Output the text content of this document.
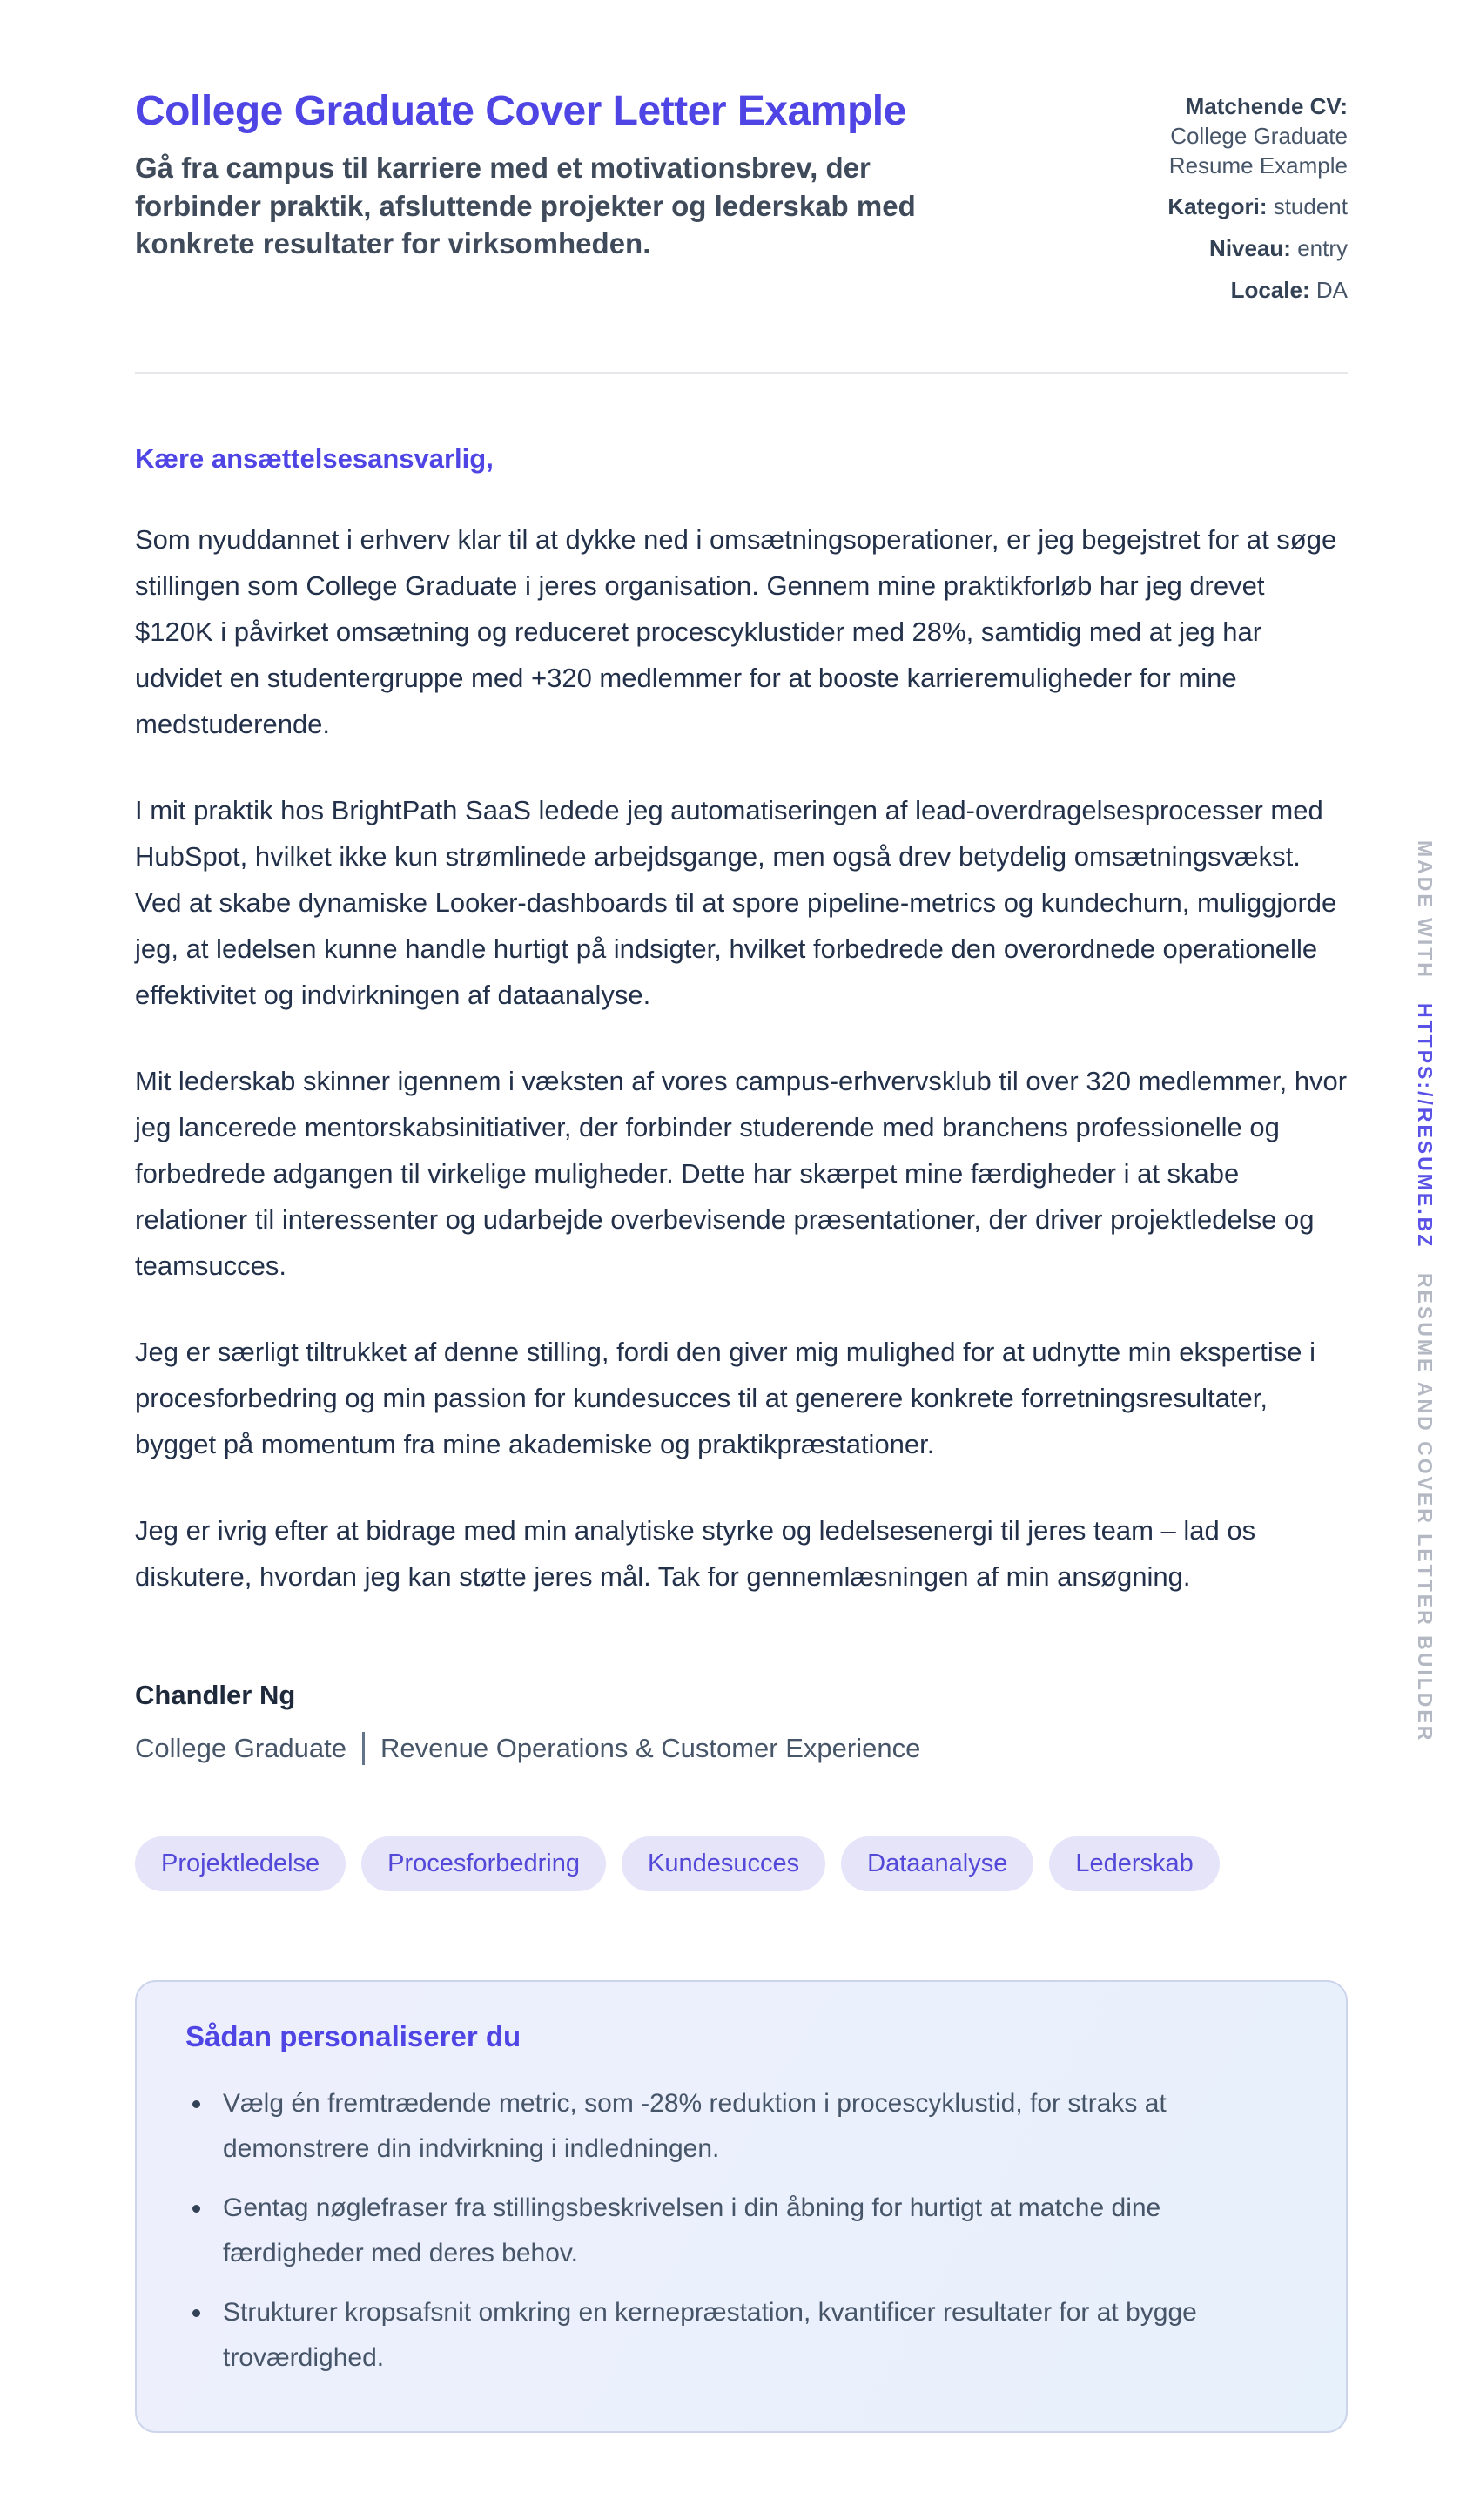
College Graduate Cover Letter Example
Gå fra campus til karriere med et motivationsbrev, der forbinder praktik, afsluttende projekter og lederskab med konkrete resultater for virksomheden.
Matchende CV:
College Graduate Resume Example
Kategori: student
Niveau: entry
Locale: DA
Kære ansættelsesansvarlig,

Som nyuddannet i erhverv klar til at dykke ned i omsætningsoperationer, er jeg begejstret for at søge stillingen som College Graduate i jeres organisation. Gennem mine praktikforløb har jeg drevet $120K i påvirket omsætning og reduceret procescyklustider med 28%, samtidig med at jeg har udvidet en studentergruppe med +320 medlemmer for at booste karrieremuligheder for mine medstuderende.

I mit praktik hos BrightPath SaaS ledede jeg automatiseringen af lead-overdragelsesprocesser med HubSpot, hvilket ikke kun strømlinede arbejdsgange, men også drev betydelig omsætningsvækst. Ved at skabe dynamiske Looker-dashboards til at spore pipeline-metrics og kundechurn, muliggjorde jeg, at ledelsen kunne handle hurtigt på indsigter, hvilket forbedrede den overordnede operationelle effektivitet og indvirkningen af dataanalyse.

Mit lederskab skinner igennem i væksten af vores campus-erhvervsklub til over 320 medlemmer, hvor jeg lancerede mentorskabsinitiativer, der forbinder studerende med branchens professionelle og forbedrede adgangen til virkelige muligheder. Dette har skærpet mine færdigheder i at skabe relationer til interessenter og udarbejde overbevisende præsentationer, der driver projektledelse og teamsucces.

Jeg er særligt tiltrukket af denne stilling, fordi den giver mig mulighed for at udnytte min ekspertise i procesforbedring og min passion for kundesucces til at generere konkrete forretningsresultater, bygget på momentum fra mine akademiske og praktikpræstationer.

Jeg er ivrig efter at bidrage med min analytiske styrke og ledelsesenergi til jeres team – lad os diskutere, hvordan jeg kan støtte jeres mål. Tak for gennemlæsningen af min ansøgning.

Chandler Ng
College Graduate Revenue Operations & Customer Experience
Projektledelse	Procesforbedring	Kundesucces	Dataanalyse	Lederskab
Sådan personaliserer du
Vælg én fremtrædende metric, som -28% reduktion i procescyklustid, for straks at demonstrere din indvirkning i indledningen.
Gentag nøglefraser fra stillingsbeskrivelsen i din åbning for hurtigt at matche dine færdigheder med deres behov.
Strukturer kropsafsnit omkring en kernepræstation, kvantificer resultater for at bygge troværdighed.
MADE WITH HTTPS://RESUME.BZ RESUME AND COVER LETTER BUILDER
